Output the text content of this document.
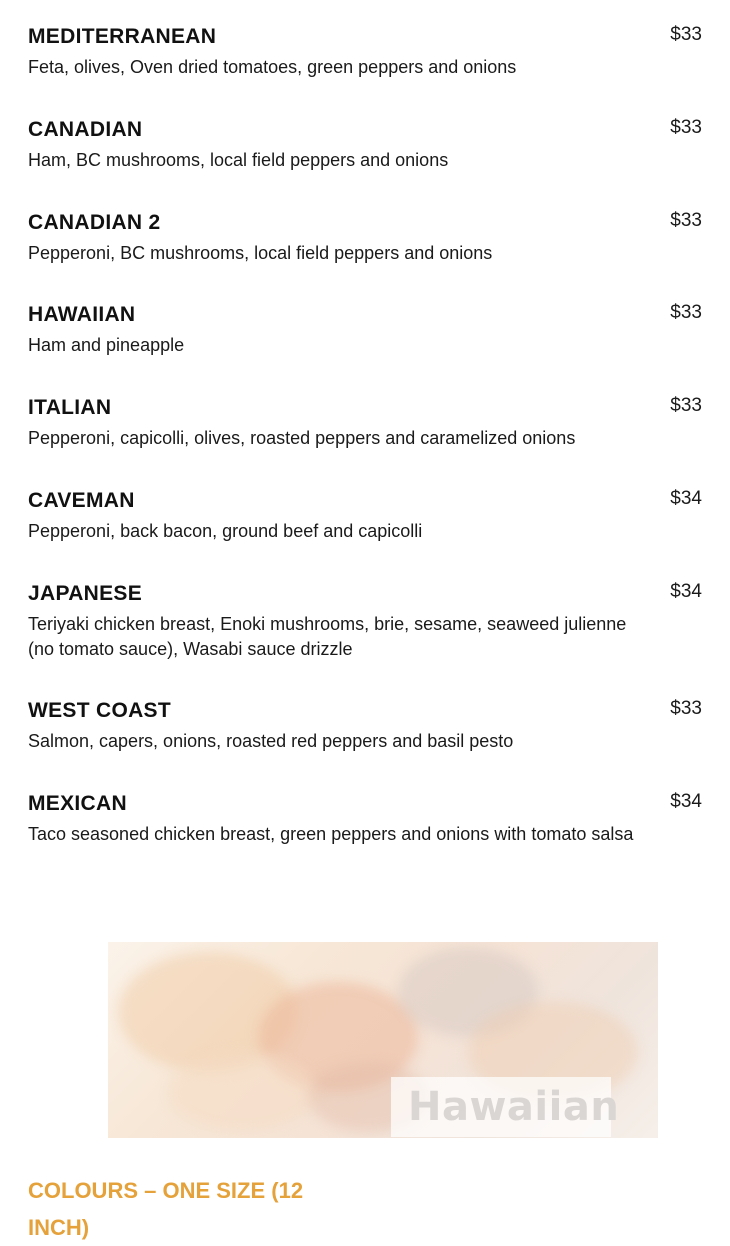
MEDITERRANEAN	$33
Feta, olives, Oven dried tomatoes, green peppers and onions
CANADIAN	$33
Ham, BC mushrooms, local field peppers and onions
CANADIAN 2	$33
Pepperoni, BC mushrooms, local field peppers and onions
HAWAIIAN	$33
Ham and pineapple
ITALIAN	$33
Pepperoni, capicolli, olives, roasted peppers and caramelized onions
CAVEMAN	$34
Pepperoni, back bacon, ground beef and capicolli
JAPANESE	$34
Teriyaki chicken breast, Enoki mushrooms, brie, sesame, seaweed julienne (no tomato sauce), Wasabi sauce drizzle
WEST COAST	$33
Salmon, capers, onions, roasted red peppers and basil pesto
MEXICAN	$34
Taco seasoned chicken breast, green peppers and onions with tomato salsa
Hawaiian
COLOURS – ONE SIZE (12 INCH)
